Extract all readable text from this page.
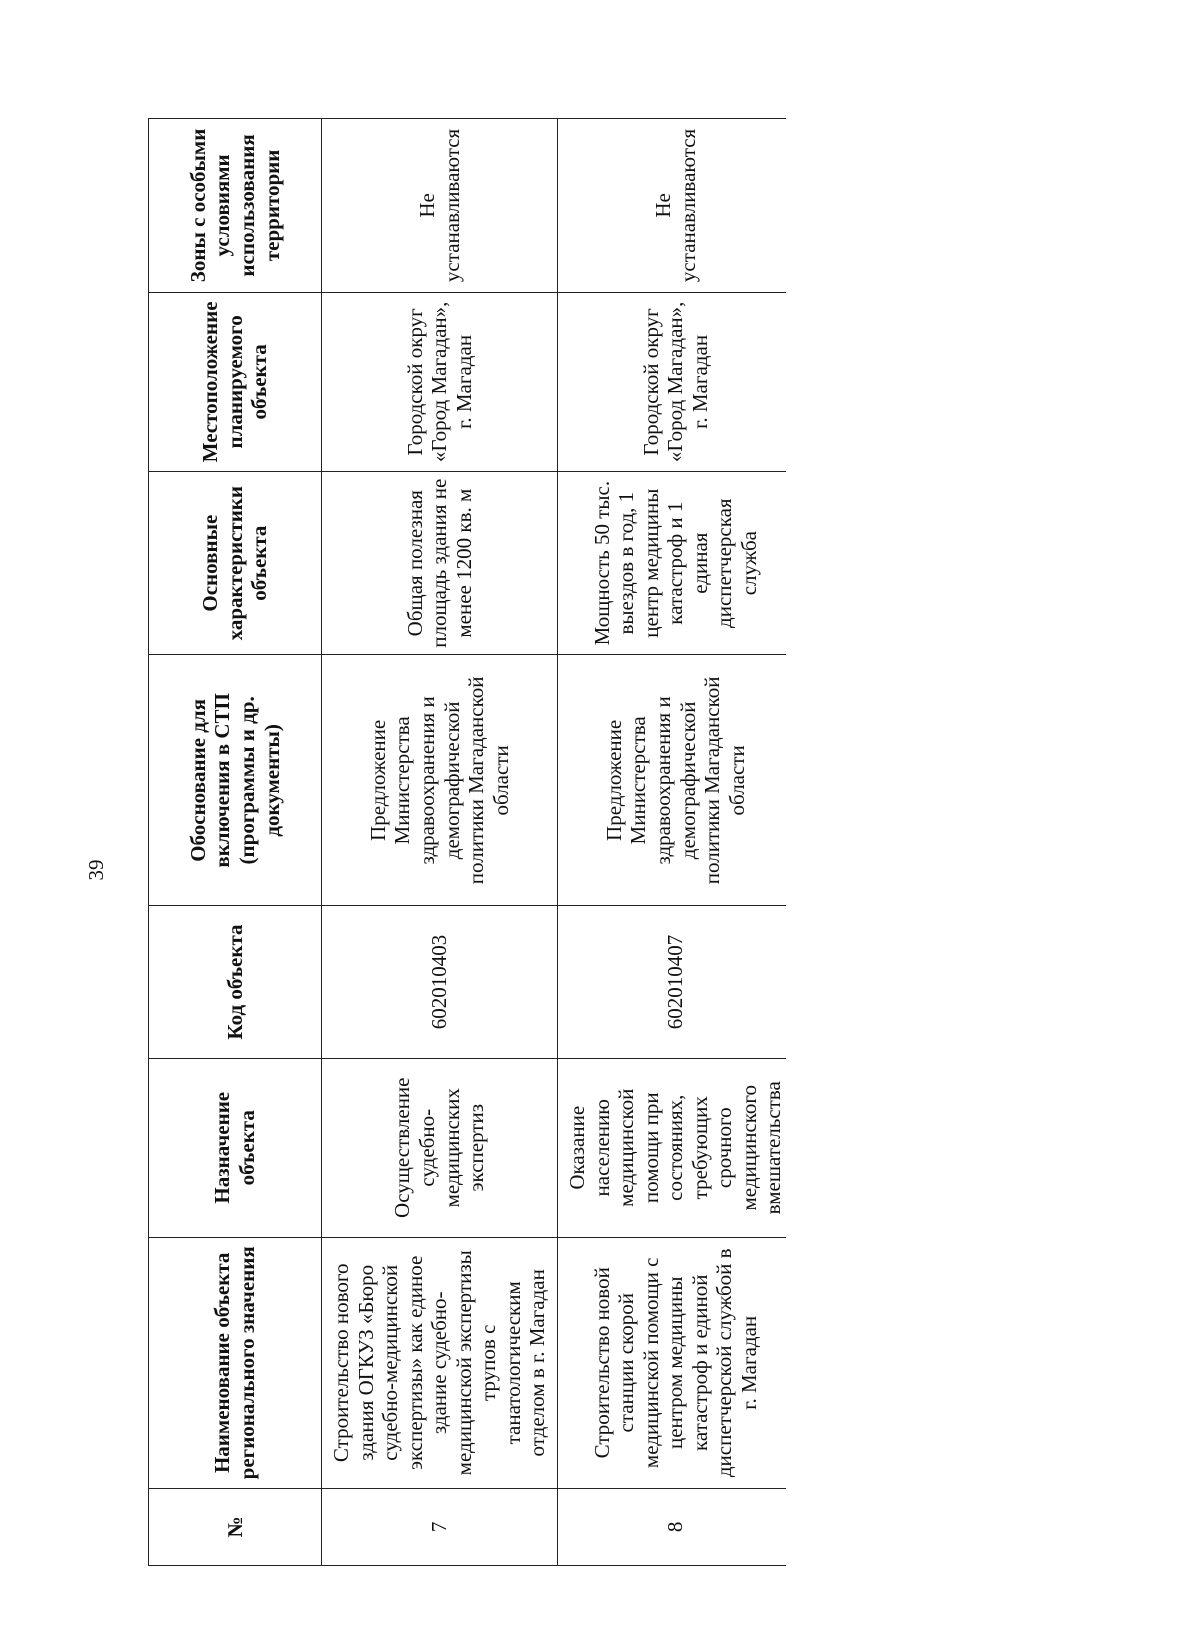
39
№	Наименование объекта регионального значения	Назначение объекта	Код объекта	Обоснование для включения в СТП (программы и др. документы)	Основные характеристики объекта	Местоположение планируемого объекта	Зоны с особыми условиями использования территории
7	Строительство нового здания ОГКУЗ «Бюро судебно-медицинской экспертизы» как единое здание судебно-медицинской экспертизы трупов с танатологическим отделом в г. Магадан	Осуществление судебно-медицинских экспертиз	602010403	Предложение Министерства здравоохранения и демографической политики Магаданской области	Общая полезная площадь здания не менее 1200 кв. м	Городской округ «Город Магадан», г. Магадан	Не устанавливаются
8	Строительство новой станции скорой медицинской помощи с центром медицины катастроф и единой диспетчерской службой в г. Магадан	Оказание населению медицинской помощи при состояниях, требующих срочного медицинского вмешательства	602010407	Предложение Министерства здравоохранения и демографической политики Магаданской области	Мощность 50 тыс. выездов в год, 1 центр медицины катастроф и 1 единая диспетчерская служба	Городской округ «Город Магадан», г. Магадан	Не устанавливаются
